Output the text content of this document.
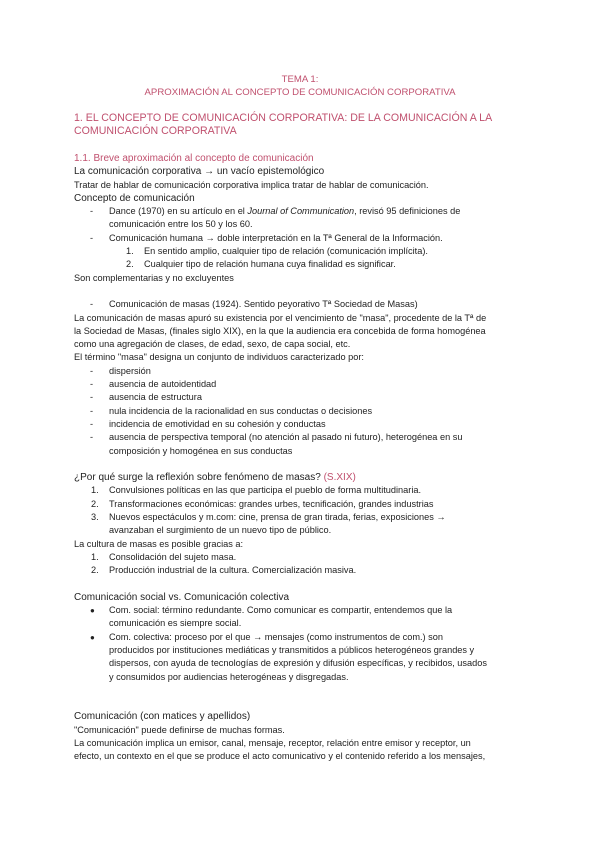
TEMA 1:
APROXIMACIÓN AL CONCEPTO DE COMUNICACIÓN CORPORATIVA
1. EL CONCEPTO DE COMUNICACIÓN CORPORATIVA: DE LA COMUNICACIÓN A LA COMUNICACIÓN CORPORATIVA
1.1. Breve aproximación al concepto de comunicación
La comunicación corporativa → un vacío epistemológico
Tratar de hablar de comunicación corporativa implica tratar de hablar de comunicación.
Concepto de comunicación
- Dance (1970) en su artículo en el Journal of Communication, revisó 95 definiciones de
comunicación entre los 50 y los 60.
- Comunicación humana → doble interpretación en la Tª General de la Información.
1. En sentido amplio, cualquier tipo de relación (comunicación implícita).
2. Cualquier tipo de relación humana cuya finalidad es significar.
Son complementarias y no excluyentes
- Comunicación de masas (1924). Sentido peyorativo Tª Sociedad de Masas)
La comunicación de masas apuró su existencia por el vencimiento de "masa", procedente de la Tª de
la Sociedad de Masas, (finales siglo XIX), en la que la audiencia era concebida de forma homogénea
como una agregación de clases, de edad, sexo, de capa social, etc.
El término "masa" designa un conjunto de individuos caracterizado por:
- dispersión
- ausencia de autoidentidad
- ausencia de estructura
- nula incidencia de la racionalidad en sus conductas o decisiones
- incidencia de emotividad en su cohesión y conductas
- ausencia de perspectiva temporal (no atención al pasado ni futuro), heterogénea en su
composición y homogénea en sus conductas
¿Por qué surge la reflexión sobre fenómeno de masas? (S.XIX)
1. Convulsiones políticas en las que participa el pueblo de forma multitudinaria.
2. Transformaciones económicas: grandes urbes, tecnificación, grandes industrias
3. Nuevos espectáculos y m.com: cine, prensa de gran tirada, ferias, exposiciones →
avanzaban el surgimiento de un nuevo tipo de público.
La cultura de masas es posible gracias a:
1. Consolidación del sujeto masa.
2. Producción industrial de la cultura. Comercialización masiva.
Comunicación social vs. Comunicación colectiva
● Com. social: término redundante. Como comunicar es compartir, entendemos que la
comunicación es siempre social.
● Com. colectiva: proceso por el que → mensajes (como instrumentos de com.) son
producidos por instituciones mediáticas y transmitidos a públicos heterogéneos grandes y
dispersos, con ayuda de tecnologías de expresión y difusión específicas, y recibidos, usados
y consumidos por audiencias heterogéneas y disgregadas.
Comunicación (con matices y apellidos)
"Comunicación" puede definirse de muchas formas.
La comunicación implica un emisor, canal, mensaje, receptor, relación entre emisor y receptor, un
efecto, un contexto en el que se produce el acto comunicativo y el contenido referido a los mensajes,
